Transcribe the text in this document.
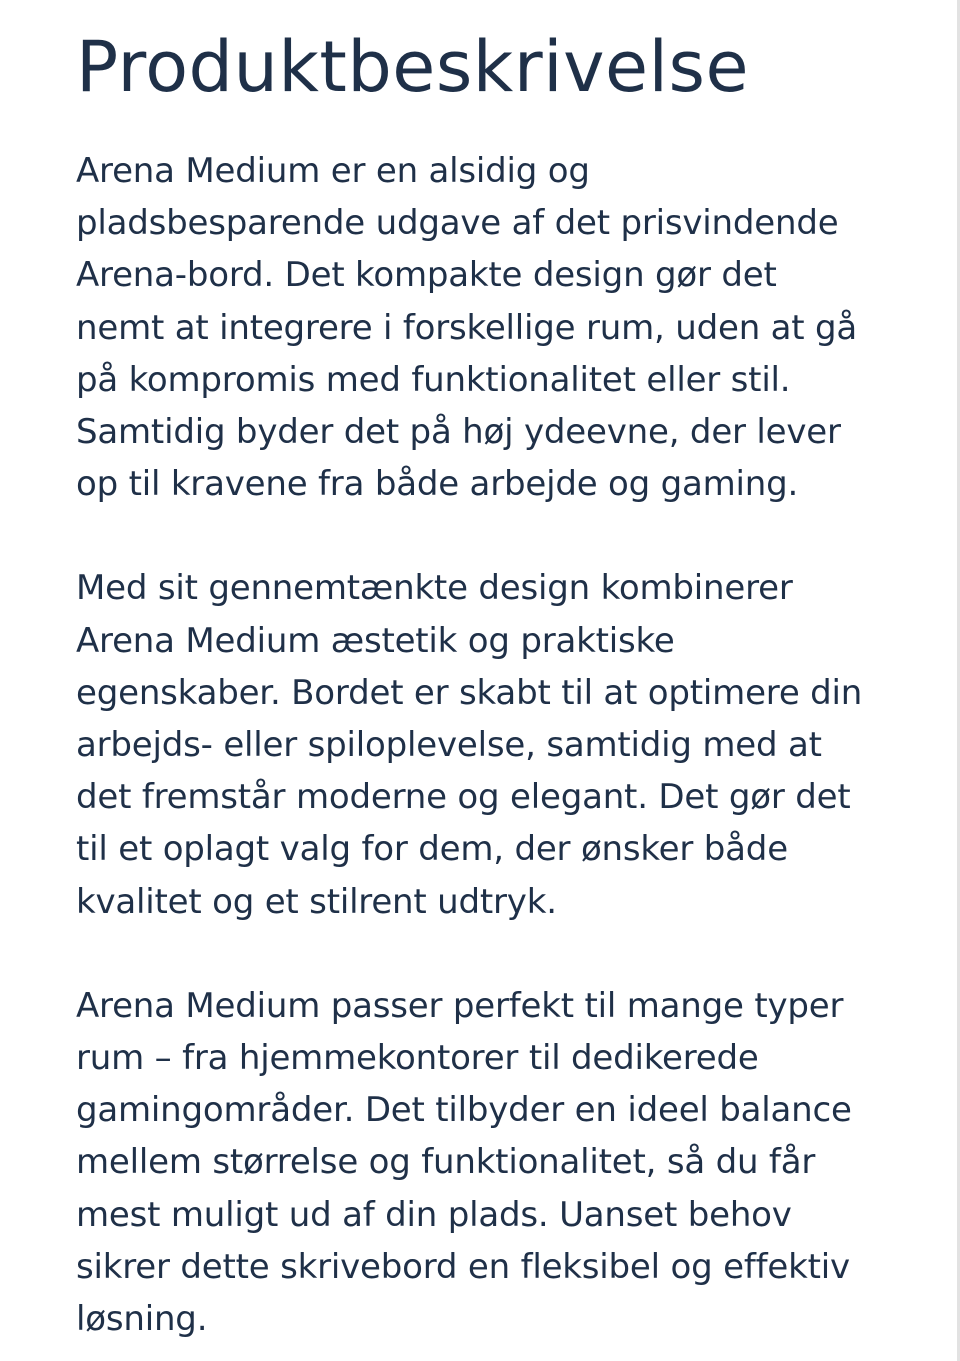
Produktbeskrivelse

Arena Medium er en alsidig og
pladsbesparende udgave af det prisvindende
Arena-bord. Det kompakte design gør det
nemt at integrere i forskellige rum, uden at gå
på kompromis med funktionalitet eller stil.
Samtidig byder det på høj ydeevne, der lever
op til kravene fra både arbejde og gaming.

Med sit gennemtænkte design kombinerer
Arena Medium æstetik og praktiske
egenskaber. Bordet er skabt til at optimere din
arbejds- eller spiloplevelse, samtidig med at
det fremstår moderne og elegant. Det gør det
til et oplagt valg for dem, der ønsker både
kvalitet og et stilrent udtryk.

Arena Medium passer perfekt til mange typer
rum – fra hjemmekontorer til dedikerede
gamingområder. Det tilbyder en ideel balance
mellem størrelse og funktionalitet, så du får
mest muligt ud af din plads. Uanset behov
sikrer dette skrivebord en fleksibel og effektiv
løsning.
